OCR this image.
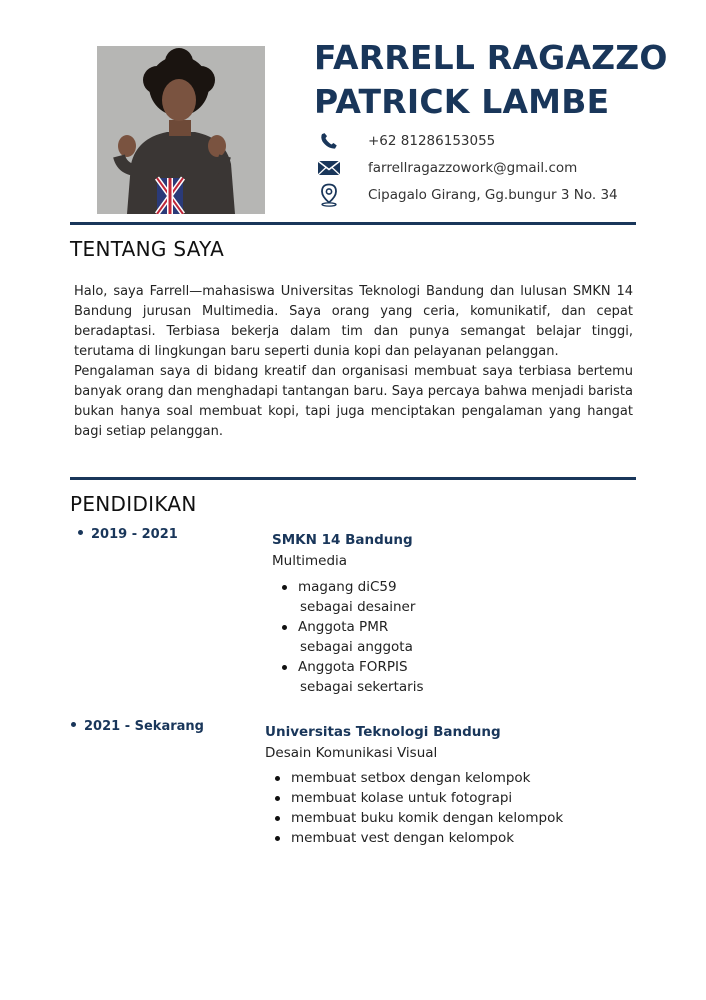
FARRELL RAGAZZO
PATRICK LAMBE
+62 81286153055
farrellragazzowork@gmail.com
Cipagalo Girang, Gg.bungur 3 No. 34
TENTANG SAYA

Halo, saya Farrell—mahasiswa Universitas Teknologi Bandung dan lulusan SMKN 14 Bandung jurusan Multimedia. Saya orang yang ceria, komunikatif, dan cepat beradaptasi. Terbiasa bekerja dalam tim dan punya semangat belajar tinggi, terutama di lingkungan baru seperti dunia kopi dan pelayanan pelanggan.

Pengalaman saya di bidang kreatif dan organisasi membuat saya terbiasa bertemu banyak orang dan menghadapi tantangan baru. Saya percaya bahwa menjadi barista bukan hanya soal membuat kopi, tapi juga menciptakan pengalaman yang hangat bagi setiap pelanggan.

PENDIDIKAN
2019 - 2021	SMKN 14 Bandung
Multimedia
magang diC59
sebagai desainer
Anggota PMR
sebagai anggota
Anggota FORPIS
sebagai sekertaris
2021 - Sekarang	Universitas Teknologi Bandung
Desain Komunikasi Visual
membuat setbox dengan kelompok
membuat kolase untuk fotograpi
membuat buku komik dengan kelompok
membuat vest dengan kelompok
